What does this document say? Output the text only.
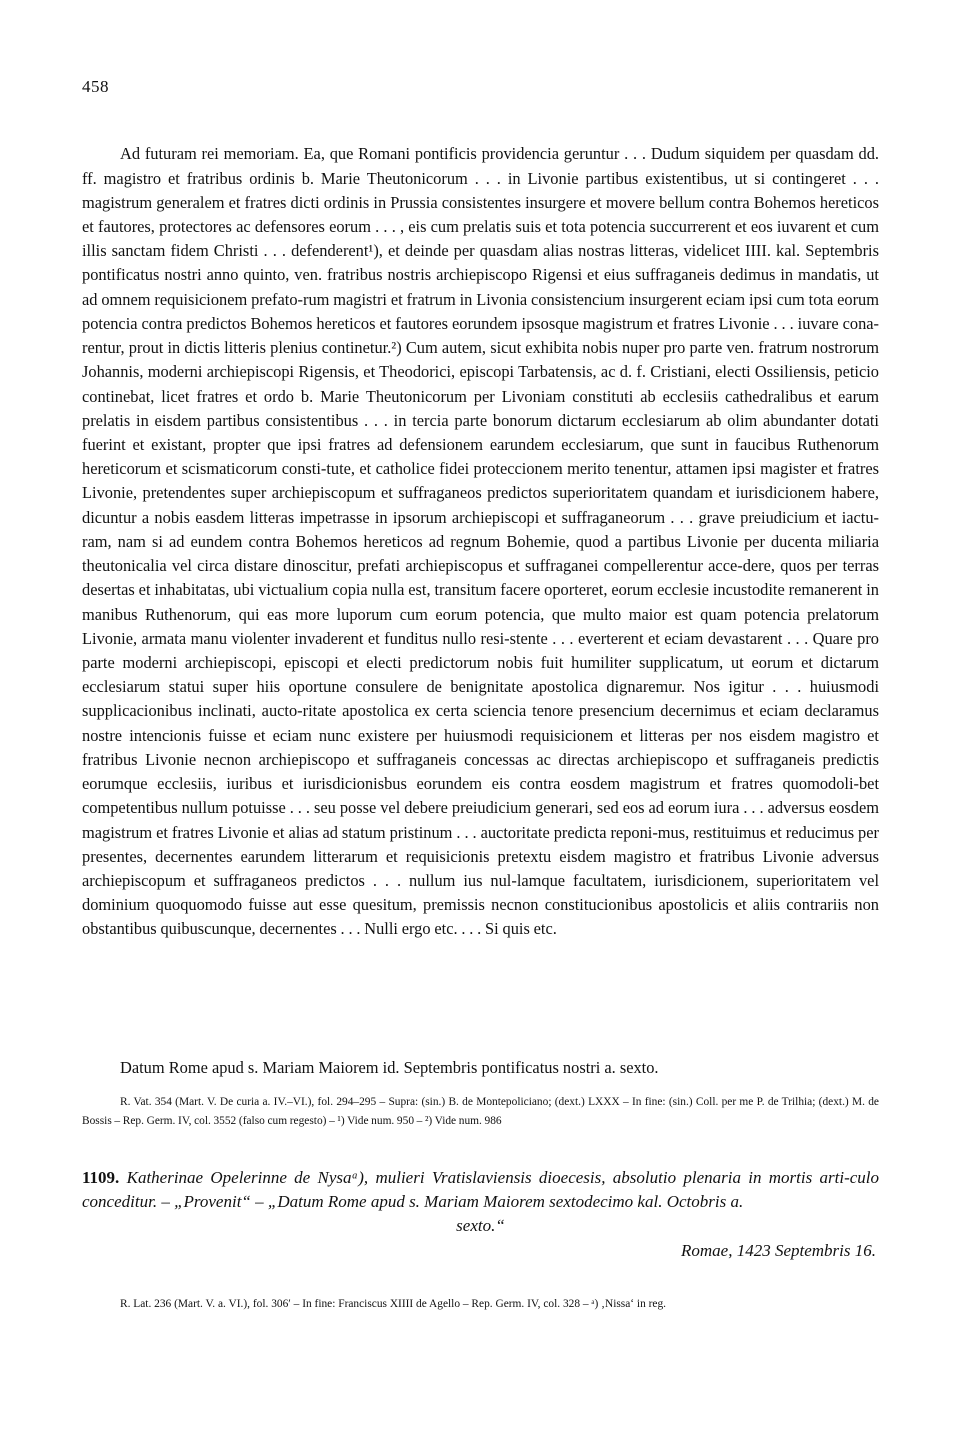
458

Ad futuram rei memoriam. Ea, que Romani pontificis providencia geruntur . . . Dudum siquidem per quasdam dd. ff. magistro et fratribus ordinis b. Marie Theutonicorum . . . in Livonie partibus existentibus, ut si contingeret . . . magistrum generalem et fratres dicti ordinis in Prussia consistentes insurgere et movere bellum contra Bohemos hereticos et fautores, protectores ac defensores eorum . . . , eis cum prelatis suis et tota potencia succurrerent et eos iuvarent et cum illis sanctam fidem Christi . . . defenderent¹), et deinde per quasdam alias nostras litteras, videlicet IIII. kal. Septembris pontificatus nostri anno quinto, ven. fratribus nostris archiepiscopo Rigensi et eius suffraganeis dedimus in mandatis, ut ad omnem requisicionem prefato-rum magistri et fratrum in Livonia consistencium insurgerent eciam ipsi cum tota eorum potencia contra predictos Bohemos hereticos et fautores eorundem ipsosque magistrum et fratres Livonie . . . iuvare cona-rentur, prout in dictis litteris plenius continetur.²) Cum autem, sicut exhibita nobis nuper pro parte ven. fratrum nostrorum Johannis, moderni archiepiscopi Rigensis, et Theodorici, episcopi Tarbatensis, ac d. f. Cristiani, electi Ossiliensis, peticio continebat, licet fratres et ordo b. Marie Theutonicorum per Livoniam constituti ab ecclesiis cathedralibus et earum prelatis in eisdem partibus consistentibus . . . in tercia parte bonorum dictarum ecclesiarum ab olim abundanter dotati fuerint et existant, propter que ipsi fratres ad defensionem earundem ecclesiarum, que sunt in faucibus Ruthenorum hereticorum et scismaticorum consti-tute, et catholice fidei proteccionem merito tenentur, attamen ipsi magister et fratres Livonie, pretendentes super archiepiscopum et suffraganeos predictos superioritatem quandam et iurisdicionem habere, dicuntur a nobis easdem litteras impetrasse in ipsorum archiepiscopi et suffraganeorum . . . grave preiudicium et iactu-ram, nam si ad eundem contra Bohemos hereticos ad regnum Bohemie, quod a partibus Livonie per ducenta miliaria theutonicalia vel circa distare dinoscitur, prefati archiepiscopus et suffraganei compellerentur acce-dere, quos per terras desertas et inhabitatas, ubi victualium copia nulla est, transitum facere oporteret, eorum ecclesie incustodite remanerent in manibus Ruthenorum, qui eas more luporum cum eorum potencia, que multo maior est quam potencia prelatorum Livonie, armata manu violenter invaderent et funditus nullo resi-stente . . . everterent et eciam devastarent . . . Quare pro parte moderni archiepiscopi, episcopi et electi predictorum nobis fuit humiliter supplicatum, ut eorum et dictarum ecclesiarum statui super hiis oportune consulere de benignitate apostolica dignaremur. Nos igitur . . . huiusmodi supplicacionibus inclinati, aucto-ritate apostolica ex certa sciencia tenore presencium decernimus et eciam declaramus nostre intencionis fuisse et eciam nunc existere per huiusmodi requisicionem et litteras per nos eisdem magistro et fratribus Livonie necnon archiepiscopo et suffraganeis concessas ac directas archiepiscopo et suffraganeis predictis eorumque ecclesiis, iuribus et iurisdicionisbus eorundem eis contra eosdem magistrum et fratres quomodoli-bet competentibus nullum potuisse . . . seu posse vel debere preiudicium generari, sed eos ad eorum iura . . . adversus eosdem magistrum et fratres Livonie et alias ad statum pristinum . . . auctoritate predicta reponi-mus, restituimus et reducimus per presentes, decernentes earundem litterarum et requisicionis pretextu eisdem magistro et fratribus Livonie adversus archiepiscopum et suffraganeos predictos . . . nullum ius nul-lamque facultatem, iurisdicionem, superioritatem vel dominium quoquomodo fuisse aut esse quesitum, premissis necnon constitucionibus apostolicis et aliis contrariis non obstantibus quibuscunque, decernentes . . . Nulli ergo etc. . . . Si quis etc.

Datum Rome apud s. Mariam Maiorem id. Septembris pontificatus nostri a. sexto.

R. Vat. 354 (Mart. V. De curia a. IV.–VI.), fol. 294–295 – Supra: (sin.) B. de Montepoliciano; (dext.) LXXX – In fine: (sin.) Coll. per me P. de Trilhia; (dext.) M. de Bossis – Rep. Germ. IV, col. 3552 (falso cum regesto) – ¹) Vide num. 950 – ²) Vide num. 986

1109. Katherinae Opelerinne de Nysaᵃ), mulieri Vratislaviensis dioecesis, absolutio plenaria in mortis arti-culo conceditur. – „Provenit“ – „Datum Rome apud s. Mariam Maiorem sextodecimo kal. Octobris a.
sexto.“
Romae, 1423 Septembris 16.

R. Lat. 236 (Mart. V. a. VI.), fol. 306′ – In fine: Franciscus XIIII de Agello – Rep. Germ. IV, col. 328 – ᵃ) ‚Nissa‘ in reg.
